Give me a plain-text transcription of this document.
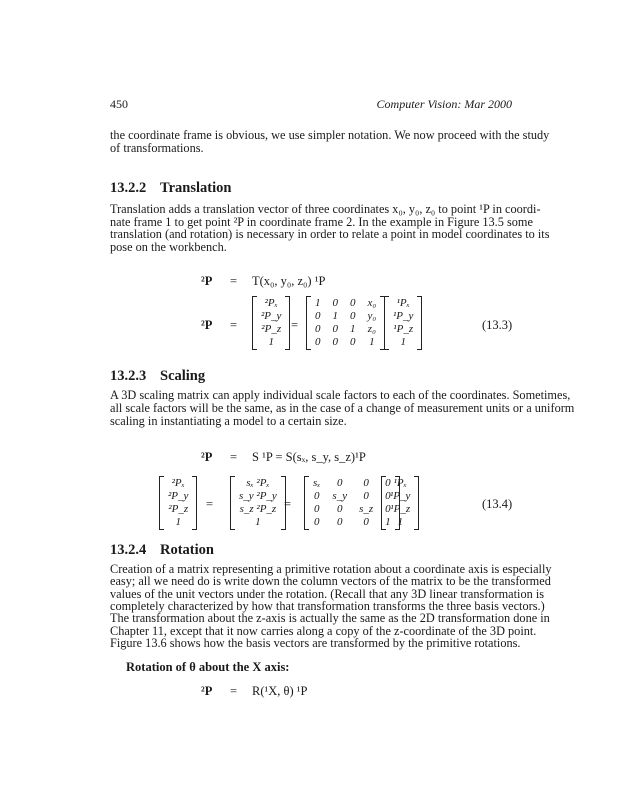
450	Computer Vision: Mar 2000
the coordinate frame is obvious, we use simpler notation. We now proceed with the study
of transformations.
13.2.2 Translation
Translation adds a translation vector of three coordinates x₀, y₀, z₀ to point ¹P in coordi-
nate frame 1 to get point ²P in coordinate frame 2. In the example in Figure 13.5 some
translation (and rotation) is necessary in order to relate a point in model coordinates to its
pose on the workbench.
²P = T(x₀, y₀, z₀) ¹P
²P =	=
²Pₓ
²P_y
²P_z
1
1 0 0 x₀
0 1 0 y₀
0 0 1 z₀
0 0 0 1
¹Pₓ
¹P_y
¹P_z
1
(13.3)
13.2.3 Scaling
A 3D scaling matrix can apply individual scale factors to each of the coordinates. Sometimes,
all scale factors will be the same, as in the case of a change of measurement units or a uniform
scaling in instantiating a model to a certain size.
²P = S ¹P = S(sₓ, s_y, s_z)¹P
²Pₓ
²P_y
²P_z
1
=
sₓ ²Pₓ
s_y ²P_y
s_z ²P_z
1
=
sₓ	0	0	0
0 s_y	0	0
0	0	s_z 0
0	0	0	1
¹Pₓ
¹P_y
¹P_z
1
(13.4)
13.2.4 Rotation
Creation of a matrix representing a primitive rotation about a coordinate axis is especially
easy; all we need do is write down the column vectors of the matrix to be the transformed
values of the unit vectors under the rotation. (Recall that any 3D linear transformation is
completely characterized by how that transformation transforms the three basis vectors.)
The transformation about the z-axis is actually the same as the 2D transformation done in
Chapter 11, except that it now carries along a copy of the z-coordinate of the 3D point.
Figure 13.6 shows how the basis vectors are transformed by the primitive rotations.
Rotation of θ about the X axis:
²P = R(¹X, θ) ¹P
